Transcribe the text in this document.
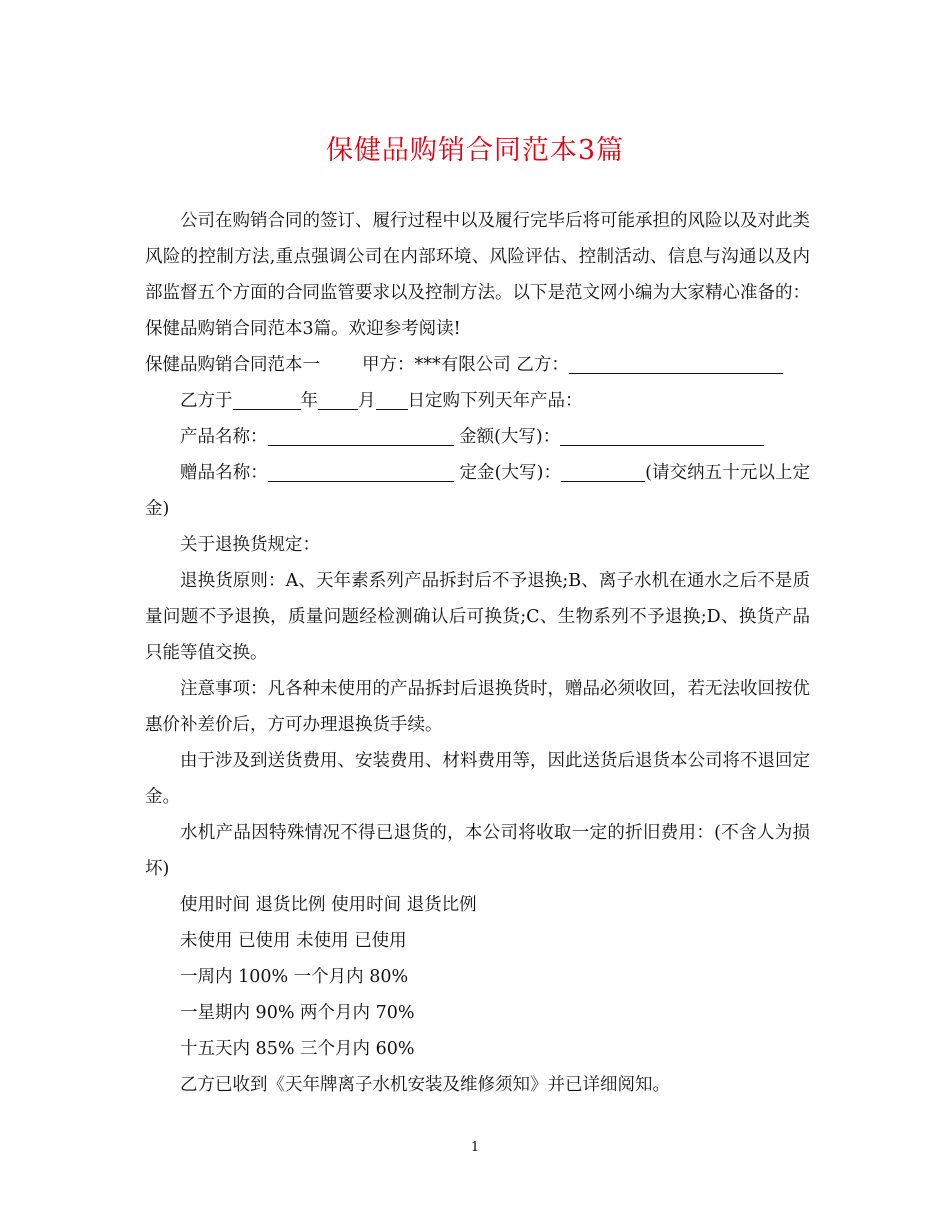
保健品购销合同范本3篇

公司在购销合同的签订、履行过程中以及履行完毕后将可能承担的风险以及对此类风险的控制方法,重点强调公司在内部环境、风险评估、控制活动、信息与沟通以及内部监督五个方面的合同监管要求以及控制方法。以下是范文网小编为大家精心准备的：保健品购销合同范本3篇。欢迎参考阅读!

保健品购销合同范本一 甲方：***有限公司 乙方：
乙方于	年 月 日定购下列天年产品：
产品名称：	金额(大写)：
赠品名称：	定金(大写)：	(请交纳五十元以上定金)

关于退换货规定：

退换货原则：A、天年素系列产品拆封后不予退换;B、离子水机在通水之后不是质量问题不予退换，质量问题经检测确认后可换货;C、生物系列不予退换;D、换货产品只能等值交换。

注意事项：凡各种未使用的产品拆封后退换货时，赠品必须收回，若无法收回按优惠价补差价后，方可办理退换货手续。

由于涉及到送货费用、安装费用、材料费用等，因此送货后退货本公司将不退回定金。

水机产品因特殊情况不得已退货的，本公司将收取一定的折旧费用：(不含人为损坏)

使用时间 退货比例 使用时间 退货比例

未使用 已使用 未使用 已使用

一周内 100% 一个月内 80%

一星期内 90% 两个月内 70%

十五天内 85% 三个月内 60%

乙方已收到《天年牌离子水机安装及维修须知》并已详细阅知。

1
